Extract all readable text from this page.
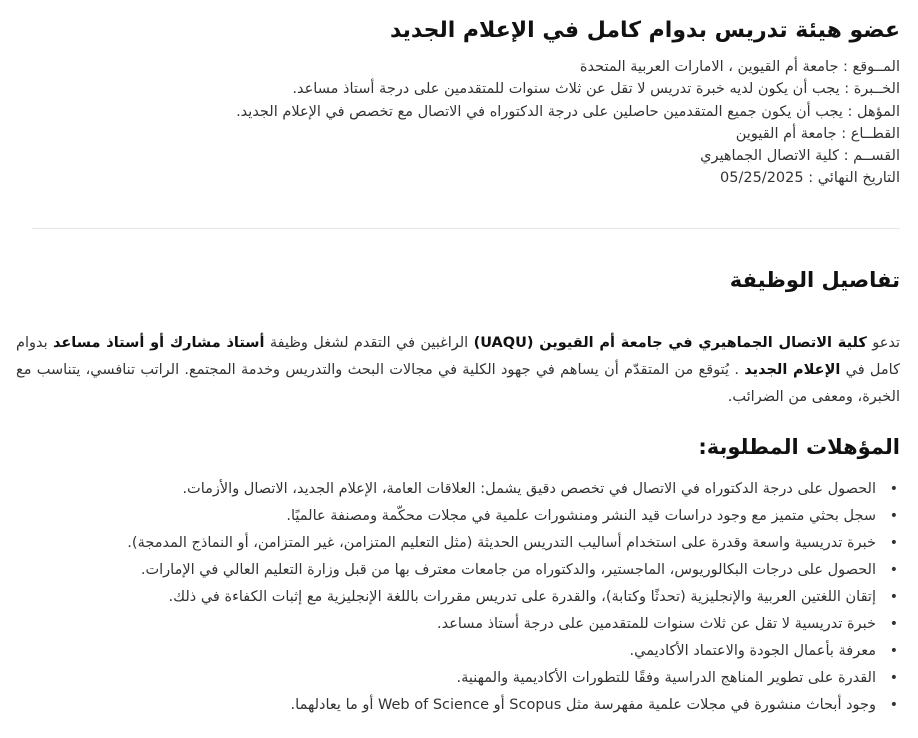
عضو هيئة تدريس بدوام كامل في الإعلام الجديد
المــوقع : جامعة أم القيوين ، الامارات العربية المتحدة
الخــبرة : يجب أن يكون لديه خبرة تدريس لا تقل عن ثلاث سنوات للمتقدمين على درجة أستاذ مساعد.
المؤهل : يجب أن يكون جميع المتقدمين حاصلين على درجة الدكتوراه في الاتصال مع تخصص في الإعلام الجديد.
القطــاع : جامعة أم القيوين
القســم : كلية الاتصال الجماهيري
التاريخ النهائي : 05/25/2025
تفاصيل الوظيفة

تدعو كلية الاتصال الجماهيري في جامعة أم القيوين (UAQU) الراغبين في التقدم لشغل وظيفة أستاذ مشارك أو أستاذ مساعد بدوام كامل في الإعلام الجديد . يُتوقع من المتقدّم أن يساهم في جهود الكلية في مجالات البحث والتدريس وخدمة المجتمع. الراتب تنافسي، يتناسب مع الخبرة، ومعفى من الضرائب.

المؤهلات المطلوبة:
•
الحصول على درجة الدكتوراه في الاتصال في تخصص دقيق يشمل: العلاقات العامة، الإعلام الجديد، الاتصال والأزمات.
•
سجل بحثي متميز مع وجود دراسات قيد النشر ومنشورات علمية في مجلات محكّمة ومصنفة عالميًا.
•
خبرة تدريسية واسعة وقدرة على استخدام أساليب التدريس الحديثة (مثل التعليم المتزامن، غير المتزامن، أو النماذج المدمجة).
•
الحصول على درجات البكالوريوس، الماجستير، والدكتوراه من جامعات معترف بها من قبل وزارة التعليم العالي في الإمارات.
•
إتقان اللغتين العربية والإنجليزية (تحدثًا وكتابة)، والقدرة على تدريس مقررات باللغة الإنجليزية مع إثبات الكفاءة في ذلك.
•
خبرة تدريسية لا تقل عن ثلاث سنوات للمتقدمين على درجة أستاذ مساعد.
•
معرفة بأعمال الجودة والاعتماد الأكاديمي.
•
القدرة على تطوير المناهج الدراسية وفقًا للتطورات الأكاديمية والمهنية.
•
وجود أبحاث منشورة في مجلات علمية مفهرسة مثل Scopus أو Web of Science أو ما يعادلهما.
